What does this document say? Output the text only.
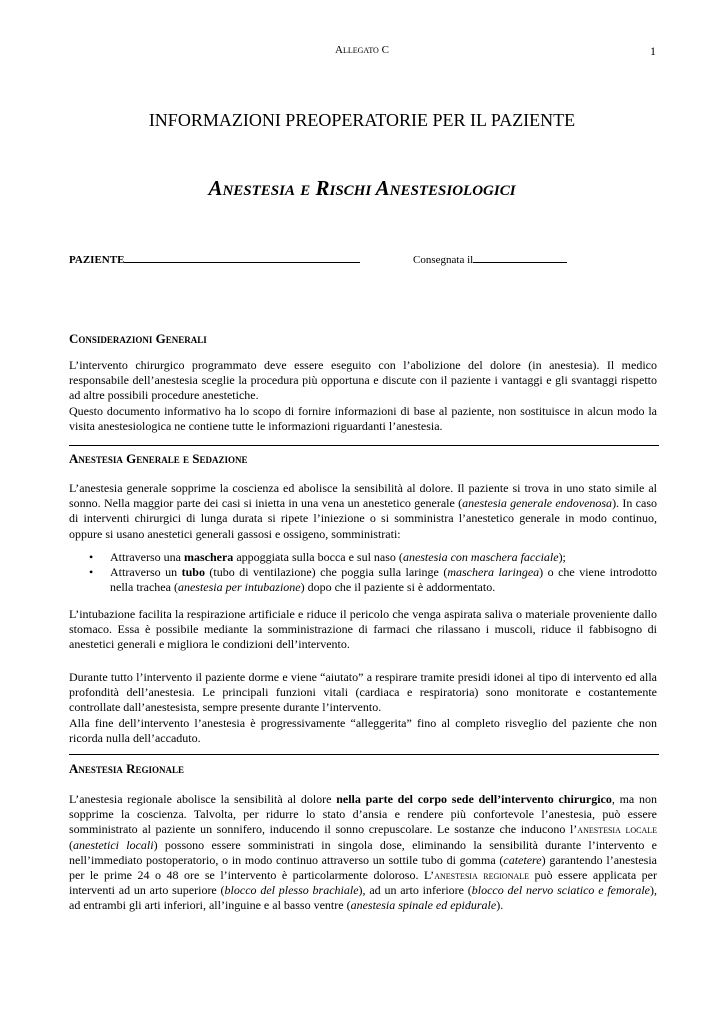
Allegato C	1
INFORMAZIONI PREOPERATORIE PER IL PAZIENTE
Anestesia e Rischi Anestesiologici
PAZIENTE	Consegnata il
Considerazioni Generali

L’intervento chirurgico programmato deve essere eseguito con l’abolizione del dolore (in anestesia). Il medico responsabile dell’anestesia sceglie la procedura più opportuna e discute con il paziente i vantaggi e gli svantaggi rispetto ad altre possibili procedure anestetiche.

Questo documento informativo ha lo scopo di fornire informazioni di base al paziente, non sostituisce in alcun modo la visita anestesiologica ne contiene tutte le informazioni riguardanti l’anestesia.

Anestesia Generale e Sedazione

L’anestesia generale sopprime la coscienza ed abolisce la sensibilità al dolore. Il paziente si trova in uno stato simile al sonno. Nella maggior parte dei casi si inietta in una vena un anestetico generale (anestesia generale endovenosa). In caso di interventi chirurgici di lunga durata si ripete l’iniezione o si somministra l’anestetico generale in modo continuo, oppure si usano anestetici generali gassosi e ossigeno, somministrati:

• Attraverso una maschera appoggiata sulla bocca e sul naso (anestesia con maschera facciale);
• Attraverso un tubo (tubo di ventilazione) che poggia sulla laringe (maschera laringea) o che viene introdotto nella trachea (anestesia per intubazione) dopo che il paziente si è addormentato.

L’intubazione facilita la respirazione artificiale e riduce il pericolo che venga aspirata saliva o materiale proveniente dallo stomaco. Essa è possibile mediante la somministrazione di farmaci che rilassano i muscoli, riduce il fabbisogno di anestetici generali e migliora le condizioni dell’intervento.

Durante tutto l’intervento il paziente dorme e viene “aiutato” a respirare tramite presidi idonei al tipo di intervento ed alla profondità dell’anestesia. Le principali funzioni vitali (cardiaca e respiratoria) sono monitorate e costantemente controllate dall’anestesista, sempre presente durante l’intervento.

Alla fine dell’intervento l’anestesia è progressivamente “alleggerita” fino al completo risveglio del paziente che non ricorda nulla dell’accaduto.

Anestesia Regionale

L’anestesia regionale abolisce la sensibilità al dolore nella parte del corpo sede dell’intervento chirurgico, ma non sopprime la coscienza. Talvolta, per ridurre lo stato d’ansia e rendere più confortevole l’anestesia, può essere somministrato al paziente un sonnifero, inducendo il sonno crepuscolare. Le sostanze che inducono l’anestesia locale (anestetici locali) possono essere somministrati in singola dose, eliminando la sensibilità durante l’intervento e nell’immediato postoperatorio, o in modo continuo attraverso un sottile tubo di gomma (catetere) garantendo l’anestesia per le prime 24 o 48 ore se l’intervento è particolarmente doloroso. L’anestesia regionale può essere applicata per interventi ad un arto superiore (blocco del plesso brachiale), ad un arto inferiore (blocco del nervo sciatico e femorale), ad entrambi gli arti inferiori, all’inguine e al basso ventre (anestesia spinale ed epidurale).
